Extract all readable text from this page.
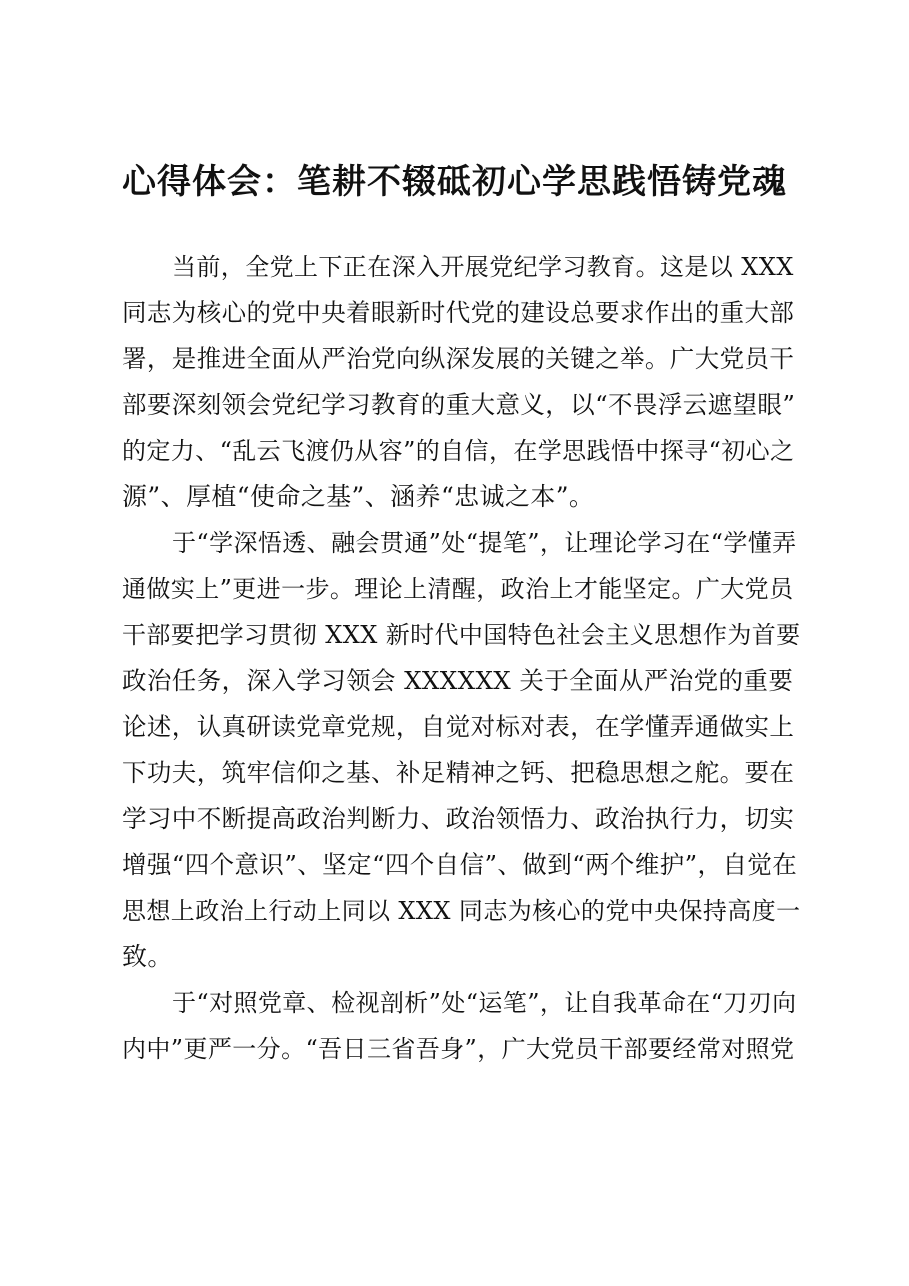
心得体会：笔耕不辍砥初心学思践悟铸党魂
当前，全党上下正在深入开展党纪学习教育。这是以 XXX
同志为核心的党中央着眼新时代党的建设总要求作出的重大部
署，是推进全面从严治党向纵深发展的关键之举。广大党员干
部要深刻领会党纪学习教育的重大意义，以“不畏浮云遮望眼”
的定力、“乱云飞渡仍从容”的自信，在学思践悟中探寻“初心之
源”、厚植“使命之基”、涵养“忠诚之本”。
于“学深悟透、融会贯通”处“提笔”，让理论学习在“学懂弄
通做实上”更进一步。理论上清醒，政治上才能坚定。广大党员
干部要把学习贯彻 XXX 新时代中国特色社会主义思想作为首要
政治任务，深入学习领会 XXXXXX 关于全面从严治党的重要
论述，认真研读党章党规，自觉对标对表，在学懂弄通做实上
下功夫，筑牢信仰之基、补足精神之钙、把稳思想之舵。要在
学习中不断提高政治判断力、政治领悟力、政治执行力，切实
增强“四个意识”、坚定“四个自信”、做到“两个维护”，自觉在
思想上政治上行动上同以 XXX 同志为核心的党中央保持高度一
致。
于“对照党章、检视剖析”处“运笔”，让自我革命在“刀刃向
内中”更严一分。“吾日三省吾身”，广大党员干部要经常对照党
